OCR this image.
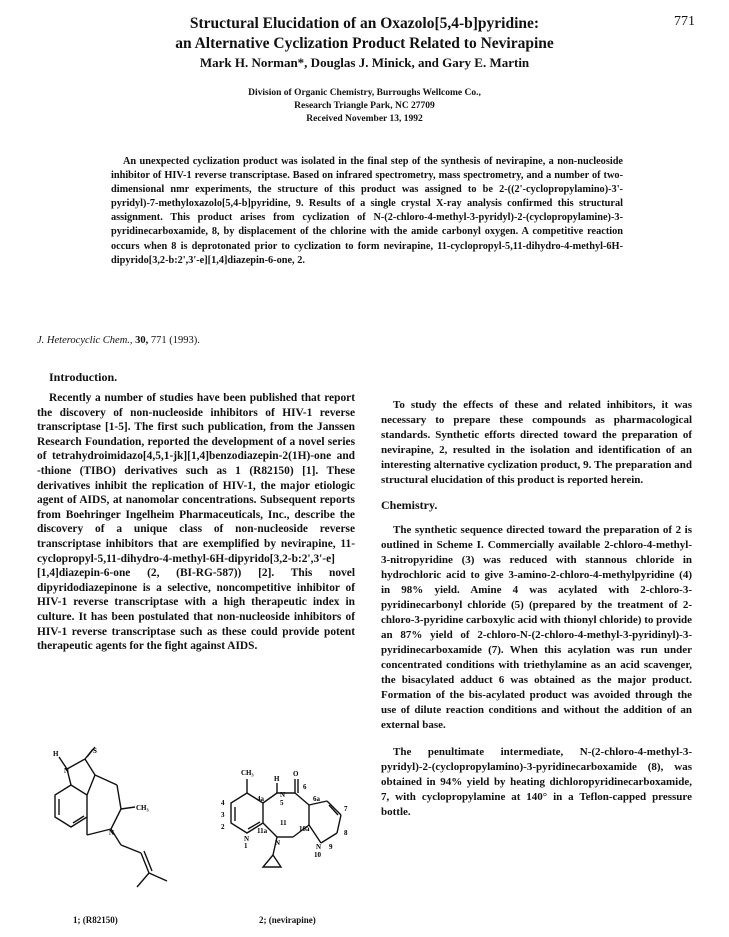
Structural Elucidation of an Oxazolo[5,4-b]pyridine:
an Alternative Cyclization Product Related to Nevirapine
771
Mark H. Norman*, Douglas J. Minick, and Gary E. Martin
Division of Organic Chemistry, Burroughs Wellcome Co.,
Research Triangle Park, NC 27709
Received November 13, 1992
An unexpected cyclization product was isolated in the final step of the synthesis of nevirapine, a non-nucleoside inhibitor of HIV-1 reverse transcriptase. Based on infrared spectrometry, mass spectrometry, and a number of two-dimensional nmr experiments, the structure of this product was assigned to be 2-((2'-cyclopropylamino)-3'-pyridyl)-7-methyloxazolo[5,4-b]pyridine, 9. Results of a single crystal X-ray analysis confirmed this structural assignment. This product arises from cyclization of N-(2-chloro-4-methyl-3-pyridyl)-2-(cyclopropylamine)-3-pyridinecarboxamide, 8, by displacement of the chlorine with the amide carbonyl oxygen. A competitive reaction occurs when 8 is deprotonated prior to cyclization to form nevirapine, 11-cyclopropyl-5,11-dihydro-4-methyl-6H-dipyrido[3,2-b:2',3'-e][1,4]diazepin-6-one, 2.
J. Heterocyclic Chem., 30, 771 (1993).
Introduction.

Recently a number of studies have been published that report the discovery of non-nucleoside inhibitors of HIV-1 reverse transcriptase [1-5]. The first such publication, from the Janssen Research Foundation, reported the development of a novel series of tetrahydroimidazo[4,5,1-jk][1,4]benzodiazepin-2(1H)-one and -thione (TIBO) derivatives such as 1 (R82150) [1]. These derivatives inhibit the replication of HIV-1, the major etiologic agent of AIDS, at nanomolar concentrations. Subsequent reports from Boehringer Ingelheim Pharmaceuticals, Inc., describe the discovery of a unique class of non-nucleoside reverse transcriptase inhibitors that are exemplified by nevirapine, 11-cyclopropyl-5,11-dihydro-4-methyl-6H-dipyrido[3,2-b:2',3'-e][1,4]diazepin-6-one (2, (BI-RG-587)) [2]. This novel dipyridodiazepinone is a selective, noncompetitive inhibitor of HIV-1 reverse transcriptase with a high therapeutic index in culture. It has been postulated that non-nucleoside inhibitors of HIV-1 reverse transcriptase such as these could provide potent therapeutic agents for the fight against AIDS.

To study the effects of these and related inhibitors, it was necessary to prepare these compounds as pharmacological standards. Synthetic efforts directed toward the preparation of nevirapine, 2, resulted in the isolation and identification of an interesting alternative cyclization product, 9. The preparation and structural elucidation of this product is reported herein.

Chemistry.

The synthetic sequence directed toward the preparation of 2 is outlined in Scheme I. Commercially available 2-chloro-4-methyl-3-nitropyridine (3) was reduced with stannous chloride in hydrochloric acid to give 3-amino-2-chloro-4-methylpyridine (4) in 98% yield. Amine 4 was acylated with 2-chloro-3-pyridinecarbonyl chloride (5) (prepared by the treatment of 2-chloro-3-pyridine carboxylic acid with thionyl chloride) to provide an 87% yield of 2-chloro-N-(2-chloro-4-methyl-3-pyridinyl)-3-pyridinecarboxamide (7). When this acylation was run under concentrated conditions with triethylamine as an acid scavenger, the bisacylated adduct 6 was obtained as the major product. Formation of the bis-acylated product was avoided through the use of dilute reaction conditions and without the addition of an external base.

The penultimate intermediate, N-(2-chloro-4-methyl-3-pyridyl)-2-(cyclopropylamino)-3-pyridinecarboxamide (8), was obtained in 94% yield by heating dichloropyridinecarboxamide, 7, with cyclopropylamine at 140° in a Teflon-capped pressure bottle.

H	S
N
N
CH₃
1; (R82150)
CH₃
H
O
N
5
N
1	N
11
N
10
4
3
2
4a
11a	10a
6
6a
7
8
9
2; (nevirapine)
